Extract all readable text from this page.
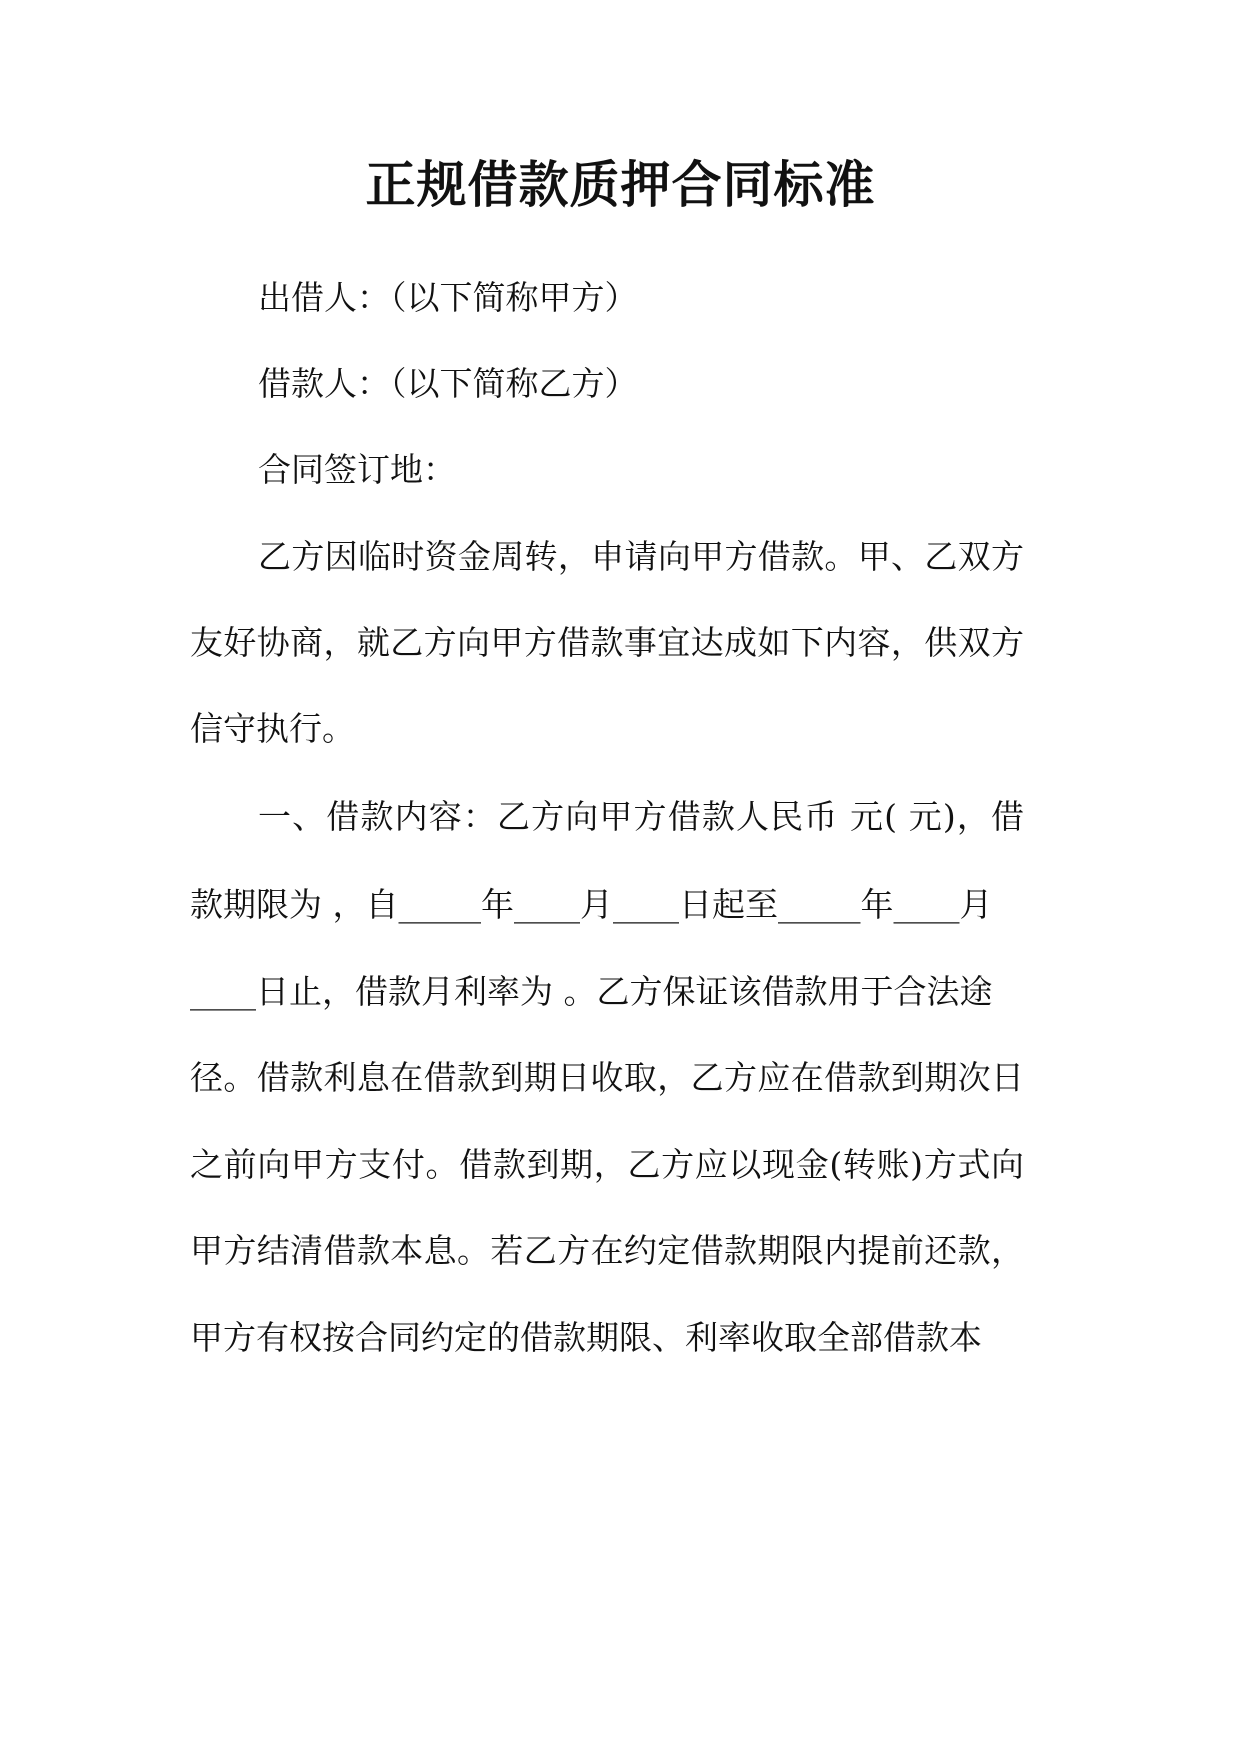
正规借款质押合同标准

出借人：（以下简称甲方）

借款人：（以下简称乙方）

合同签订地：

乙方因临时资金周转，申请向甲方借款。甲、乙双方

友好协商，就乙方向甲方借款事宜达成如下内容，供双方

信守执行。

一、借款内容：乙方向甲方借款人民币 元( 元)，借

款期限为 ，自_____年____月____日起至_____年____月

____日止，借款月利率为 。乙方保证该借款用于合法途

径。借款利息在借款到期日收取，乙方应在借款到期次日

之前向甲方支付。借款到期，乙方应以现金(转账)方式向

甲方结清借款本息。若乙方在约定借款期限内提前还款，

甲方有权按合同约定的借款期限、利率收取全部借款本
